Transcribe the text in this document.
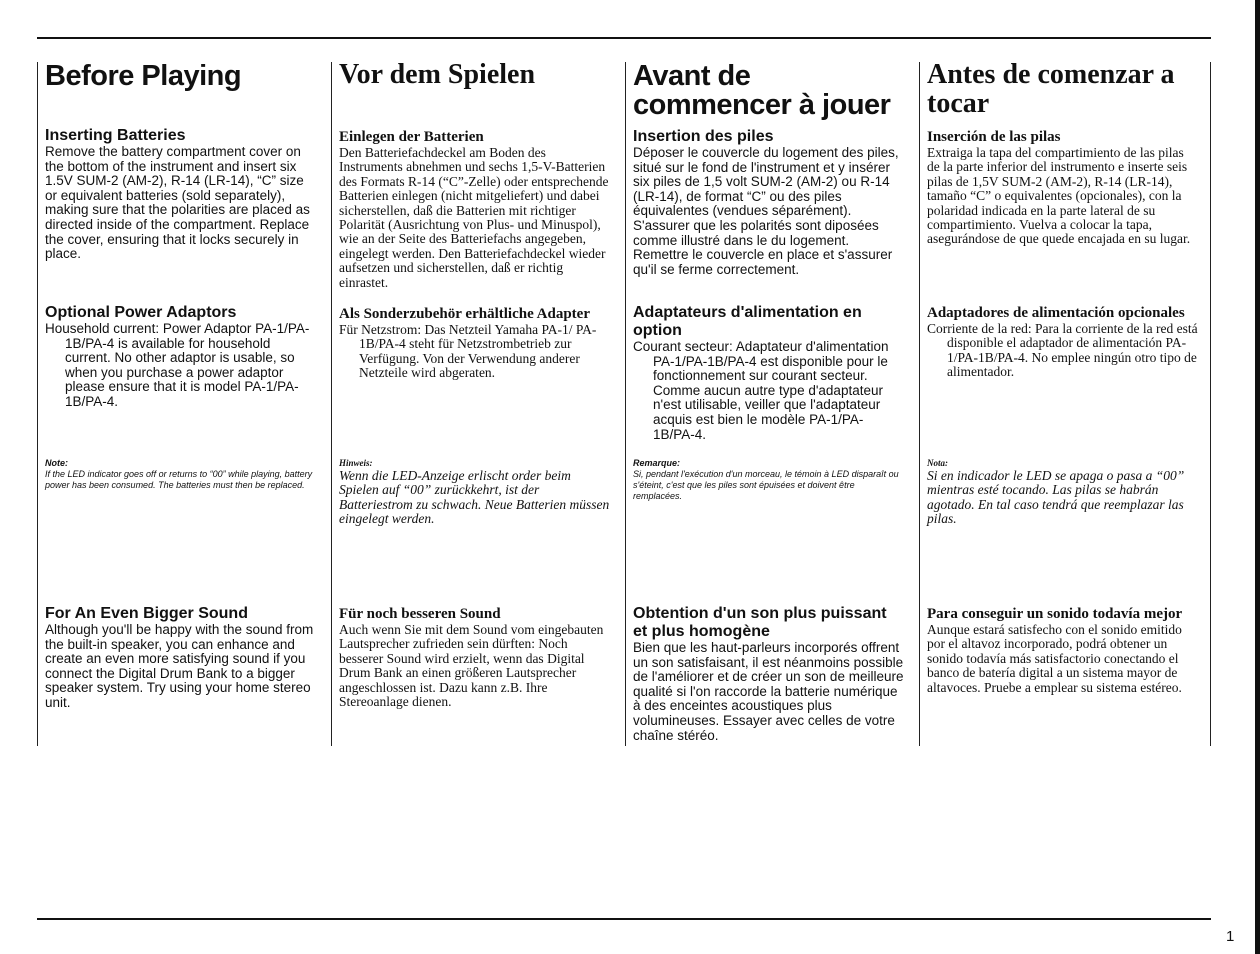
Before Playing
Inserting Batteries

Remove the battery compartment cover on the bottom of the instrument and insert six 1.5V SUM-2 (AM-2), R-14 (LR-14), “C” size or equivalent batteries (sold separately), making sure that the polarities are placed as directed inside of the compartment. Replace the cover, ensuring that it locks securely in place.

Optional Power Adaptors

Household current: Power Adaptor PA-1/PA-1B/PA-4 is available for household current. No other adaptor is usable, so when you purchase a power adaptor please ensure that it is model PA-1/PA-1B/PA-4.

Note:

If the LED indicator goes off or returns to “00” while playing, battery power has been consumed. The batteries must then be replaced.

For An Even Bigger Sound

Although you'll be happy with the sound from the built-in speaker, you can enhance and create an even more satisfying sound if you connect the Digital Drum Bank to a bigger speaker system. Try using your home stereo unit.

Vor dem Spielen
Einlegen der Batterien

Den Batteriefachdeckel am Boden des Instruments abnehmen und sechs 1,5-V-Batterien des Formats R-14 (“C”-Zelle) oder entsprechende Batterien einlegen (nicht mitgeliefert) und dabei sicherstellen, daß die Batterien mit richtiger Polarität (Ausrichtung von Plus- und Minuspol), wie an der Seite des Batteriefachs angegeben, eingelegt werden. Den Batteriefachdeckel wieder aufsetzen und sicherstellen, daß er richtig einrastet.

Als Sonderzubehör erhältliche Adapter

Für Netzstrom: Das Netzteil Yamaha PA-1/ PA-1B/PA-4 steht für Netzstrombetrieb zur Verfügung. Von der Verwendung anderer Netzteile wird abgeraten.

Hinweis:

Wenn die LED-Anzeige erlischt order beim Spielen auf “00” zurückkehrt, ist der Batteriestrom zu schwach. Neue Batterien müssen eingelegt werden.

Für noch besseren Sound

Auch wenn Sie mit dem Sound vom eingebauten Lautsprecher zufrieden sein dürften: Noch besserer Sound wird erzielt, wenn das Digital Drum Bank an einen größeren Lautsprecher angeschlossen ist. Dazu kann z.B. Ihre Stereoanlage dienen.

Avant de commencer à jouer
Insertion des piles

Déposer le couvercle du logement des piles, situé sur le fond de l'instrument et y insérer six piles de 1,5 volt SUM-2 (AM-2) ou R-14 (LR-14), de format “C” ou des piles équivalentes (vendues séparément). S'assurer que les polarités sont diposées comme illustré dans le du logement. Remettre le couvercle en place et s'assurer qu'il se ferme correctement.

Adaptateurs d'alimentation en option

Courant secteur: Adaptateur d'alimentation PA-1/PA-1B/PA-4 est disponible pour le fonctionnement sur courant secteur. Comme aucun autre type d'adaptateur n'est utilisable, veiller que l'adaptateur acquis est bien le modèle PA-1/PA-1B/PA-4.

Remarque:

Si, pendant l'exécution d'un morceau, le témoin à LED disparaît ou s'éteint, c'est que les piles sont épuisées et doivent être remplacées.

Obtention d'un son plus puissant et plus homogène

Bien que les haut-parleurs incorporés offrent un son satisfaisant, il est néanmoins possible de l'améliorer et de créer un son de meilleure qualité si l'on raccorde la batterie numérique à des enceintes acoustiques plus volumineuses. Essayer avec celles de votre chaîne stéréo.

Antes de comenzar a tocar
Inserción de las pilas

Extraiga la tapa del compartimiento de las pilas de la parte inferior del instrumento e inserte seis pilas de 1,5V SUM-2 (AM-2), R-14 (LR-14), tamaño “C” o equivalentes (opcionales), con la polaridad indicada en la parte lateral de su compartimiento. Vuelva a colocar la tapa, asegurándose de que quede encajada en su lugar.

Adaptadores de alimentación opcionales

Corriente de la red: Para la corriente de la red está disponible el adaptador de alimentación PA-1/PA-1B/PA-4. No emplee ningún otro tipo de alimentador.

Nota:

Si en indicador le LED se apaga o pasa a “00” mientras esté tocando. Las pilas se habrán agotado. En tal caso tendrá que reemplazar las pilas.

Para conseguir un sonido todavía mejor

Aunque estará satisfecho con el sonido emitido por el altavoz incorporado, podrá obtener un sonido todavía más satisfactorio conectando el banco de batería digital a un sistema mayor de altavoces. Pruebe a emplear su sistema estéreo.

1
